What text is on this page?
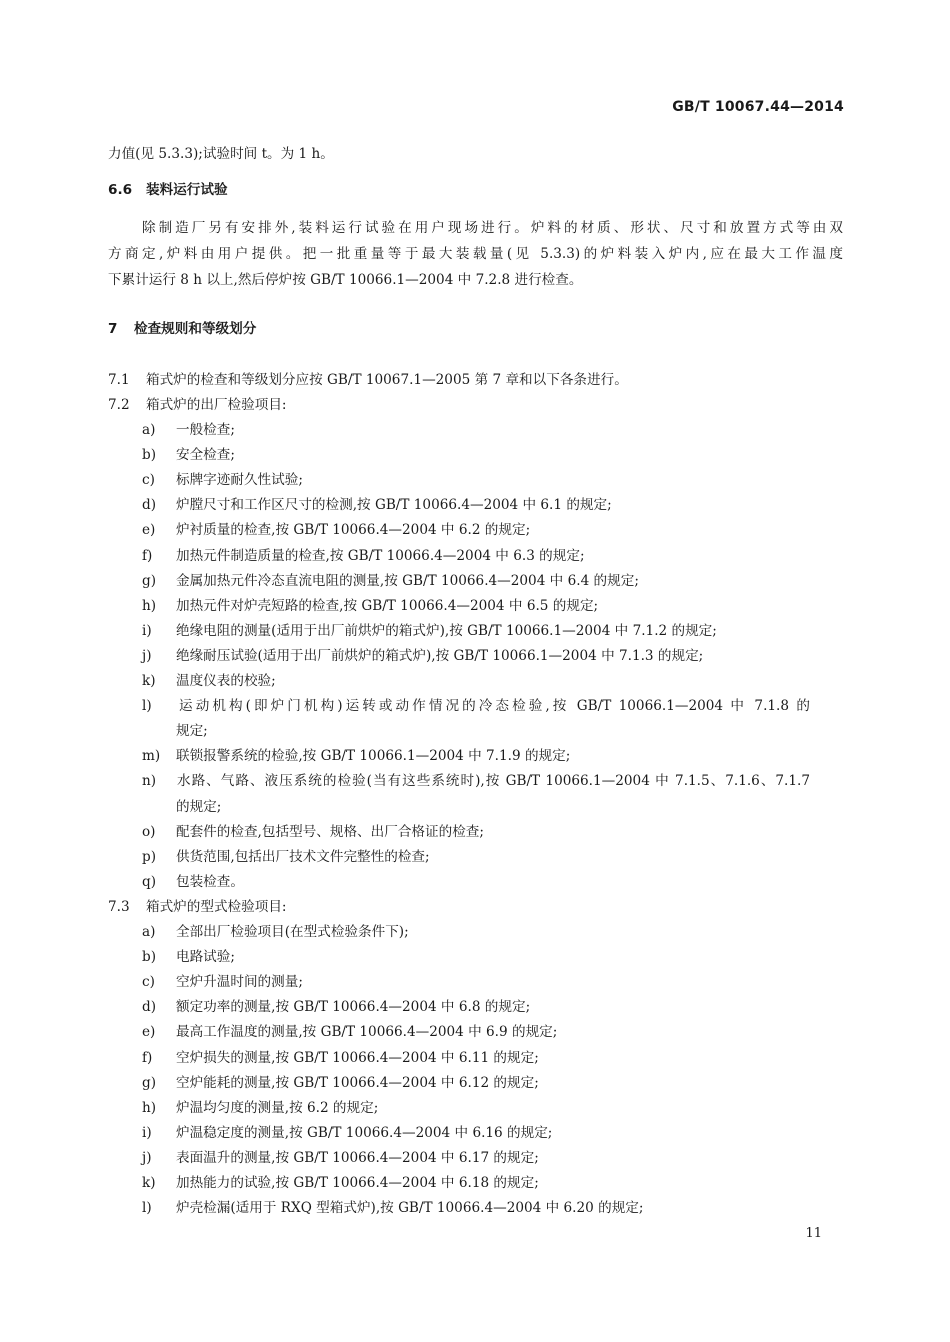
GB/T 10067.44—2014
力值(见 5.3.3);试验时间 t。为 1 h。
6.6 装料运行试验
除制造厂另有安排外,装料运行试验在用户现场进行。炉料的材质、形状、尺寸和放置方式等由双
方商定,炉料由用户提供。把一批重量等于最大装载量(见 5.3.3)的炉料装入炉内,应在最大工作温度
下累计运行 8 h 以上,然后停炉按 GB/T 10066.1—2004 中 7.2.8 进行检查。
7 检查规则和等级划分
7.1 箱式炉的检查和等级划分应按 GB/T 10067.1—2005 第 7 章和以下各条进行。
7.2 箱式炉的出厂检验项目:
a) 一般检查;
b) 安全检查;
c) 标牌字迹耐久性试验;
d) 炉膛尺寸和工作区尺寸的检测,按 GB/T 10066.4—2004 中 6.1 的规定;
e) 炉衬质量的检查,按 GB/T 10066.4—2004 中 6.2 的规定;
f) 加热元件制造质量的检查,按 GB/T 10066.4—2004 中 6.3 的规定;
g) 金属加热元件冷态直流电阻的测量,按 GB/T 10066.4—2004 中 6.4 的规定;
h) 加热元件对炉壳短路的检查,按 GB/T 10066.4—2004 中 6.5 的规定;
i) 绝缘电阻的测量(适用于出厂前烘炉的箱式炉),按 GB/T 10066.1—2004 中 7.1.2 的规定;
j) 绝缘耐压试验(适用于出厂前烘炉的箱式炉),按 GB/T 10066.1—2004 中 7.1.3 的规定;
k) 温度仪表的校验;
l) 运动机构(即炉门机构)运转或动作情况的冷态检验,按 GB/T 10066.1—2004 中 7.1.8 的
规定;
m) 联锁报警系统的检验,按 GB/T 10066.1—2004 中 7.1.9 的规定;
n) 水路、气路、液压系统的检验(当有这些系统时),按 GB/T 10066.1—2004 中 7.1.5、7.1.6、7.1.7
的规定;
o) 配套件的检查,包括型号、规格、出厂合格证的检查;
p) 供货范围,包括出厂技术文件完整性的检查;
q) 包装检查。
7.3 箱式炉的型式检验项目:
a) 全部出厂检验项目(在型式检验条件下);
b) 电路试验;
c) 空炉升温时间的测量;
d) 额定功率的测量,按 GB/T 10066.4—2004 中 6.8 的规定;
e) 最高工作温度的测量,按 GB/T 10066.4—2004 中 6.9 的规定;
f) 空炉损失的测量,按 GB/T 10066.4—2004 中 6.11 的规定;
g) 空炉能耗的测量,按 GB/T 10066.4—2004 中 6.12 的规定;
h) 炉温均匀度的测量,按 6.2 的规定;
i) 炉温稳定度的测量,按 GB/T 10066.4—2004 中 6.16 的规定;
j) 表面温升的测量,按 GB/T 10066.4—2004 中 6.17 的规定;
k) 加热能力的试验,按 GB/T 10066.4—2004 中 6.18 的规定;
l) 炉壳检漏(适用于 RXQ 型箱式炉),按 GB/T 10066.4—2004 中 6.20 的规定;
11
